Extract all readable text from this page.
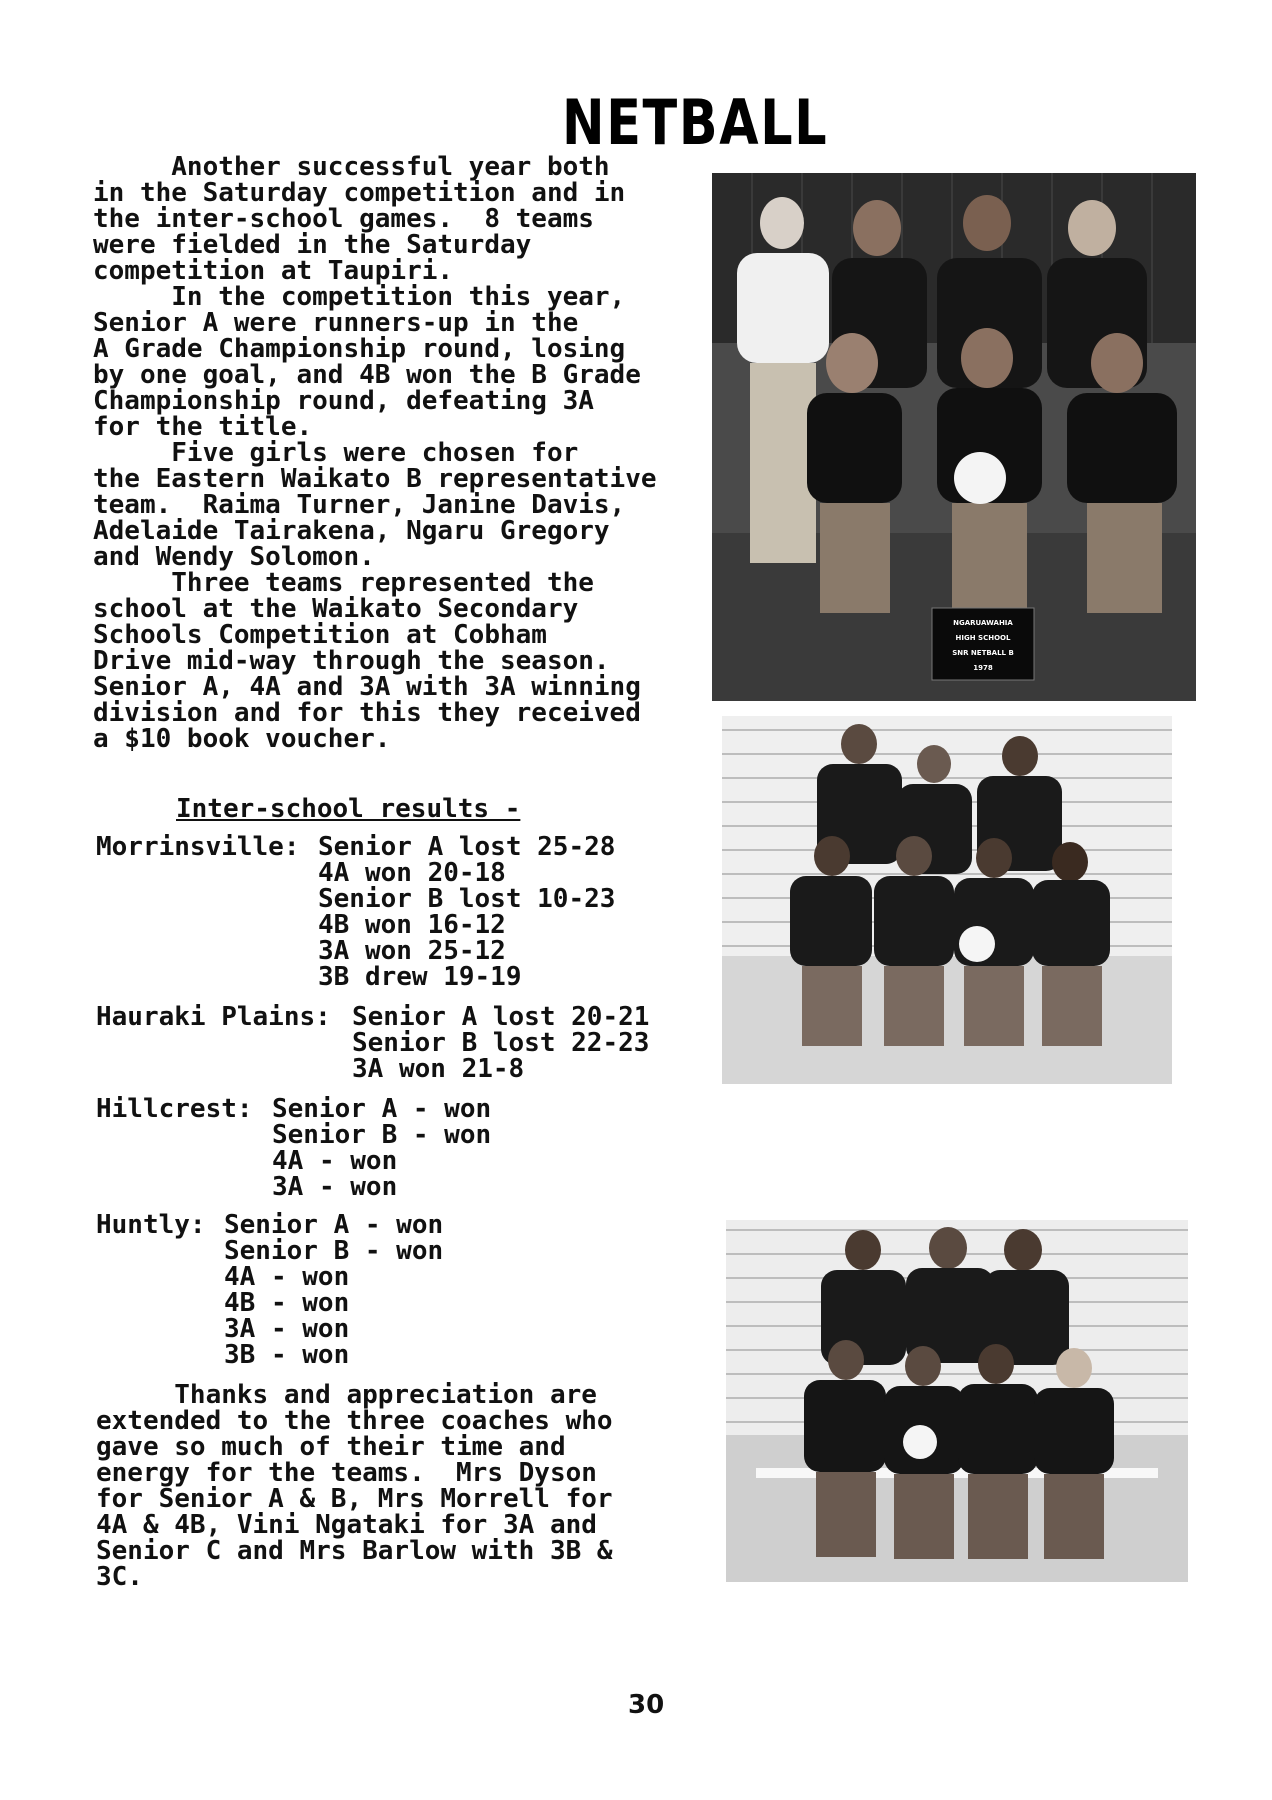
NETBALL
Another successful year both
in the Saturday competition and in
the inter-school games.  8 teams
were fielded in the Saturday
competition at Taupiri.
In the competition this year,
Senior A were runners-up in the
A Grade Championship round, losing
by one goal, and 4B won the B Grade
Championship round, defeating 3A
for the title.
Five girls were chosen for
the Eastern Waikato B representative
team.  Raima Turner, Janine Davis,
Adelaide Tairakena, Ngaru Gregory
and Wendy Solomon.
Three teams represented the
school at the Waikato Secondary
Schools Competition at Cobham
Drive mid-way through the season.
Senior A, 4A and 3A with 3A winning
division and for this they received
a $10 book voucher.
Inter-school results -
Morrinsville: Senior A lost 25-28
4A won 20-18
Senior B lost 10-23
4B won 16-12
3A won 25-12
3B drew 19-19
Hauraki Plains: Senior A lost 20-21
Senior B lost 22-23
3A won 21-8
Hillcrest: Senior A - won
Senior B - won
4A - won
3A - won
Huntly: Senior A - won
Senior B - won
4A - won
4B - won
3A - won
3B - won
Thanks and appreciation are
extended to the three coaches who
gave so much of their time and
energy for the teams.  Mrs Dyson
for Senior A & B, Mrs Morrell for
4A & 4B, Vini Ngataki for 3A and
Senior C and Mrs Barlow with 3B &
3C.
30
NGARUAWAHIA
HIGH SCHOOL
SNR NETBALL B
1978
